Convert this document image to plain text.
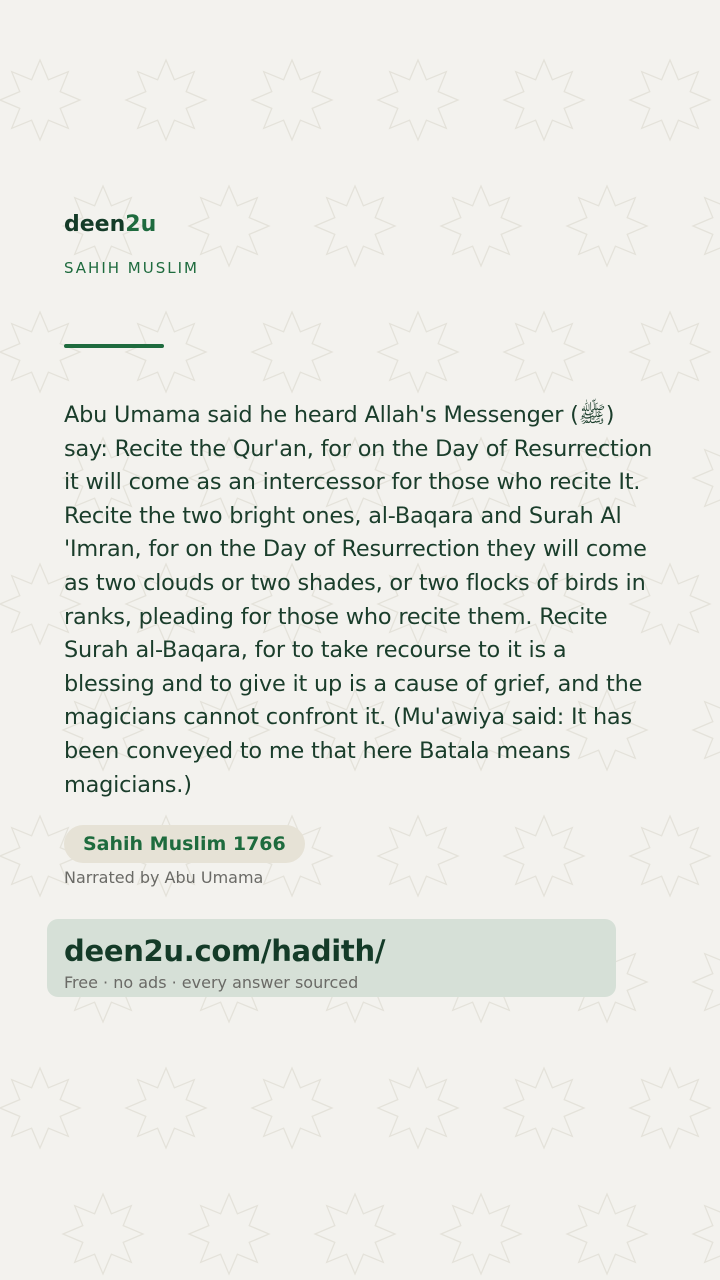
deen2u
SAHIH MUSLIM
Abu Umama said he heard Allah's Messenger (ﷺ) say: Recite the Qur'an, for on the Day of Resurrection it will come as an intercessor for those who recite It. Recite the two bright ones, al-Baqara and Surah Al 'Imran, for on the Day of Resurrection they will come as two clouds or two shades, or two flocks of birds in ranks, pleading for those who recite them. Recite Surah al-Baqara, for to take recourse to it is a blessing and to give it up is a cause of grief, and the magicians cannot confront it. (Mu'awiya said: It has been conveyed to me that here Batala means magicians.)
Sahih Muslim 1766
Narrated by Abu Umama
deen2u.com/hadith/
Free · no ads · every answer sourced
